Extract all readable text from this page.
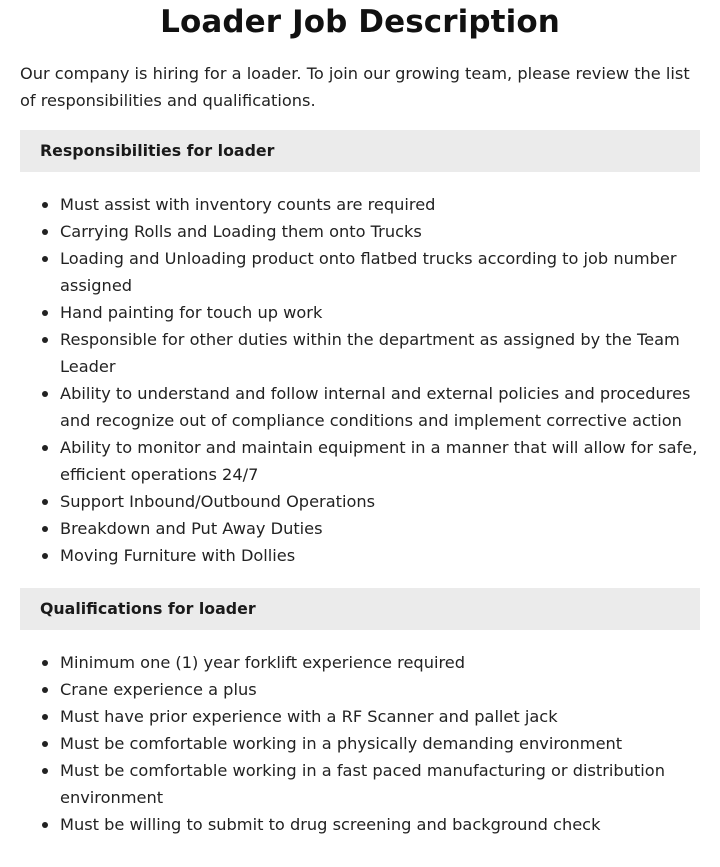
Loader Job Description

Our company is hiring for a loader. To join our growing team, please review the list of responsibilities and qualifications.

Responsibilities for loader
Must assist with inventory counts are required
Carrying Rolls and Loading them onto Trucks
Loading and Unloading product onto flatbed trucks according to job number assigned
Hand painting for touch up work
Responsible for other duties within the department as assigned by the Team Leader
Ability to understand and follow internal and external policies and procedures and recognize out of compliance conditions and implement corrective action
Ability to monitor and maintain equipment in a manner that will allow for safe, efficient operations 24/7
Support Inbound/Outbound Operations
Breakdown and Put Away Duties
Moving Furniture with Dollies
Qualifications for loader
Minimum one (1) year forklift experience required
Crane experience a plus
Must have prior experience with a RF Scanner and pallet jack
Must be comfortable working in a physically demanding environment
Must be comfortable working in a fast paced manufacturing or distribution environment
Must be willing to submit to drug screening and background check
